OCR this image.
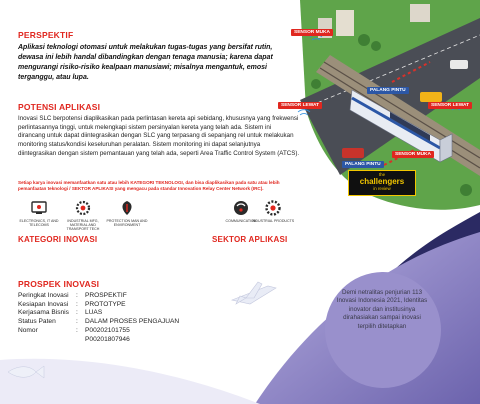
SENSOR MUKA
PALANG PINTU
SENSOR LEWAT	SENSOR LEWAT
PALANG PINTU
SENSOR MUKA
the
challengers
in review
PERSPEKTIF
Aplikasi teknologi otomasi untuk melakukan tugas-tugas yang bersifat rutin, dewasa ini lebih handal dibandingkan dengan tenaga manusia; karena dapat mengurangi risiko-risiko kealpaan manusiawi; misalnya mengantuk, emosi terganggu, atau lupa.
POTENSI APLIKASI
Inovasi SLC berpotensi diaplikasikan pada perlintasan kereta api sebidang, khususnya yang frekwensi perlintasannya tinggi, untuk melengkapi sistem persinyalan kereta yang telah ada. Sistem ini dirancang untuk dapat diintegrasikan dengan SLC yang terpasang di sepanjang rel untuk melakukan monitoring status/kondisi keseluruhan peralatan. Sistem monitoring ini dapat selanjutnya diintegrasikan dengan sistem pemantauan yang telah ada, seperti Area Traffic Control System (ATCS).
Setiap karya inovasi memanfaatkan satu atau lebih KATEGORI TEKNOLOGI, dan bisa diaplikasikan pada satu atau lebih pemanfaatan teknologi / SEKTOR APLIKASI yang mengacu pada standar Innovation Relay Center Network (IRC).
ELECTRONICS, IT AND TELECOMS
INDUSTRIAL MFG, MATERIAL AND TRANSPORT TECH
PROTECTION MAN AND ENVIRONMENT
COMMUNICATION
INDUSTRIAL PRODUCTS
KATEGORI INOVASI	SEKTOR APLIKASI
PROSPEK INOVASI
Peringkat Inovasi	:	PROSPEKTIF
Kesiapan Inovasi	:	PROTOTYPE
Kerjasama Bisnis	:	LUAS
Status Paten	:	DALAM PROSES PENGAJUAN
Nomor	:	P00202101755
P00201807946
Demi netralitas penjurian 113 Inovasi Indonesia 2021, Identitas inovator dan institusinya dirahasiakan sampai inovasi terpilih ditetapkan
